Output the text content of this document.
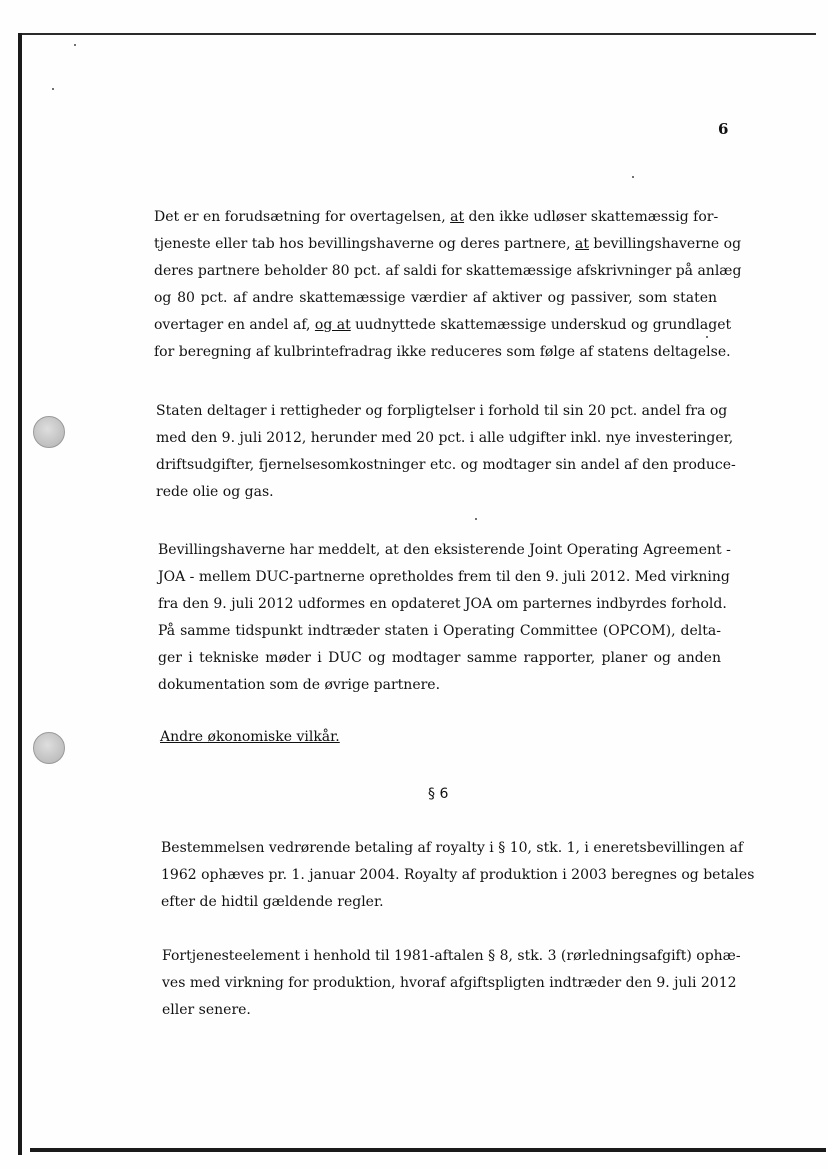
6
Det er en forudsætning for overtagelsen, at den ikke udløser skattemæssig for-
tjeneste eller tab hos bevillingshaverne og deres partnere, at bevillingshaverne og
deres partnere beholder 80 pct. af saldi for skattemæssige afskrivninger på anlæg
og 80 pct. af andre skattemæssige værdier af aktiver og passiver, som staten
overtager en andel af, og at uudnyttede skattemæssige underskud og grundlaget
for beregning af kulbrintefradrag ikke reduceres som følge af statens deltagelse.
Staten deltager i rettigheder og forpligtelser i forhold til sin 20 pct. andel fra og
med den 9. juli 2012, herunder med 20 pct. i alle udgifter inkl. nye investeringer,
driftsudgifter, fjernelsesomkostninger etc. og modtager sin andel af den produce-
rede olie og gas.
Bevillingshaverne har meddelt, at den eksisterende Joint Operating Agreement -
JOA - mellem DUC-partnerne opretholdes frem til den 9. juli 2012. Med virkning
fra den 9. juli 2012 udformes en opdateret JOA om parternes indbyrdes forhold.
På samme tidspunkt indtræder staten i Operating Committee (OPCOM), delta-
ger i tekniske møder i DUC og modtager samme rapporter, planer og anden
dokumentation som de øvrige partnere.
Andre økonomiske vilkår.
§ 6
Bestemmelsen vedrørende betaling af royalty i § 10, stk. 1, i eneretsbevillingen af
1962 ophæves pr. 1. januar 2004. Royalty af produktion i 2003 beregnes og betales
efter de hidtil gældende regler.
Fortjenesteelement i henhold til 1981-aftalen § 8, stk. 3 (rørledningsafgift) ophæ-
ves med virkning for produktion, hvoraf afgiftspligten indtræder den 9. juli 2012
eller senere.
